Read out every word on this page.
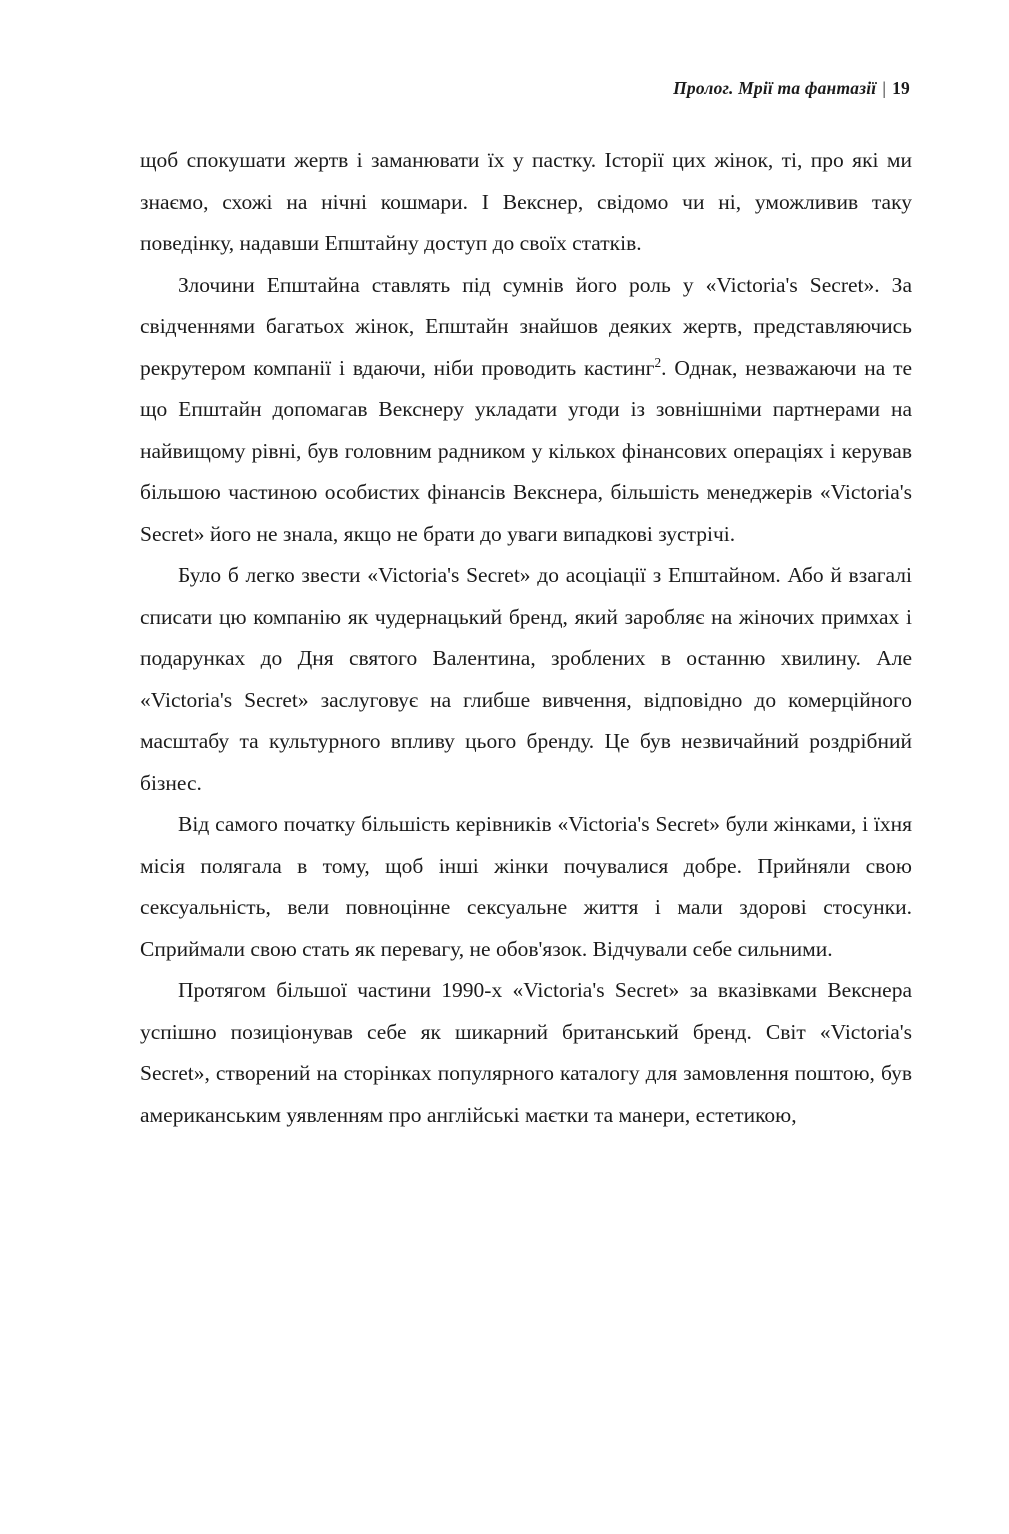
Пролог. Мрії та фантазії | 19

щоб спокушати жертв і заманювати їх у пастку. Історії цих жінок, ті, про які ми знаємо, схожі на нічні кошмари. І Векснер, свідомо чи ні, уможливив таку поведінку, надавши Епштайну доступ до своїх статків.

Злочини Епштайна ставлять під сумнів його роль у «Victoria's Secret». За свідченнями багатьох жінок, Епштайн знайшов деяких жертв, представляючись рекрутером компанії і вдаючи, ніби проводить кастинг$^2$. Однак, незважаючи на те що Епштайн допомагав Векснеру укладати угоди із зовнішніми партнерами на найвищому рівні, був головним радником у кількох фінансових операціях і керував більшою частиною особистих фінансів Векснера, більшість менеджерів «Victoria's Secret» його не знала, якщо не брати до уваги випадкові зустрічі.

Було б легко звести «Victoria's Secret» до асоціації з Епштайном. Або й взагалі списати цю компанію як чудернацький бренд, який заробляє на жіночих примхах і подарунках до Дня святого Валентина, зроблених в останню хвилину. Але «Victoria's Secret» заслуговує на глибше вивчення, відповідно до комерційного масштабу та культурного впливу цього бренду. Це був незвичайний роздрібний бізнес.

Від самого початку більшість керівників «Victoria's Secret» були жінками, і їхня місія полягала в тому, щоб інші жінки почувалися добре. Прийняли свою сексуальність, вели повноцінне сексуальне життя і мали здорові стосунки. Сприймали свою стать як перевагу, не обов'язок. Відчували себе сильними.

Протягом більшої частини 1990-х «Victoria's Secret» за вказівками Векснера успішно позиціонував себе як шикарний британський бренд. Світ «Victoria's Secret», створений на сторінках популярного каталогу для замовлення поштою, був американським уявленням про англійські маєтки та манери, естетикою,
